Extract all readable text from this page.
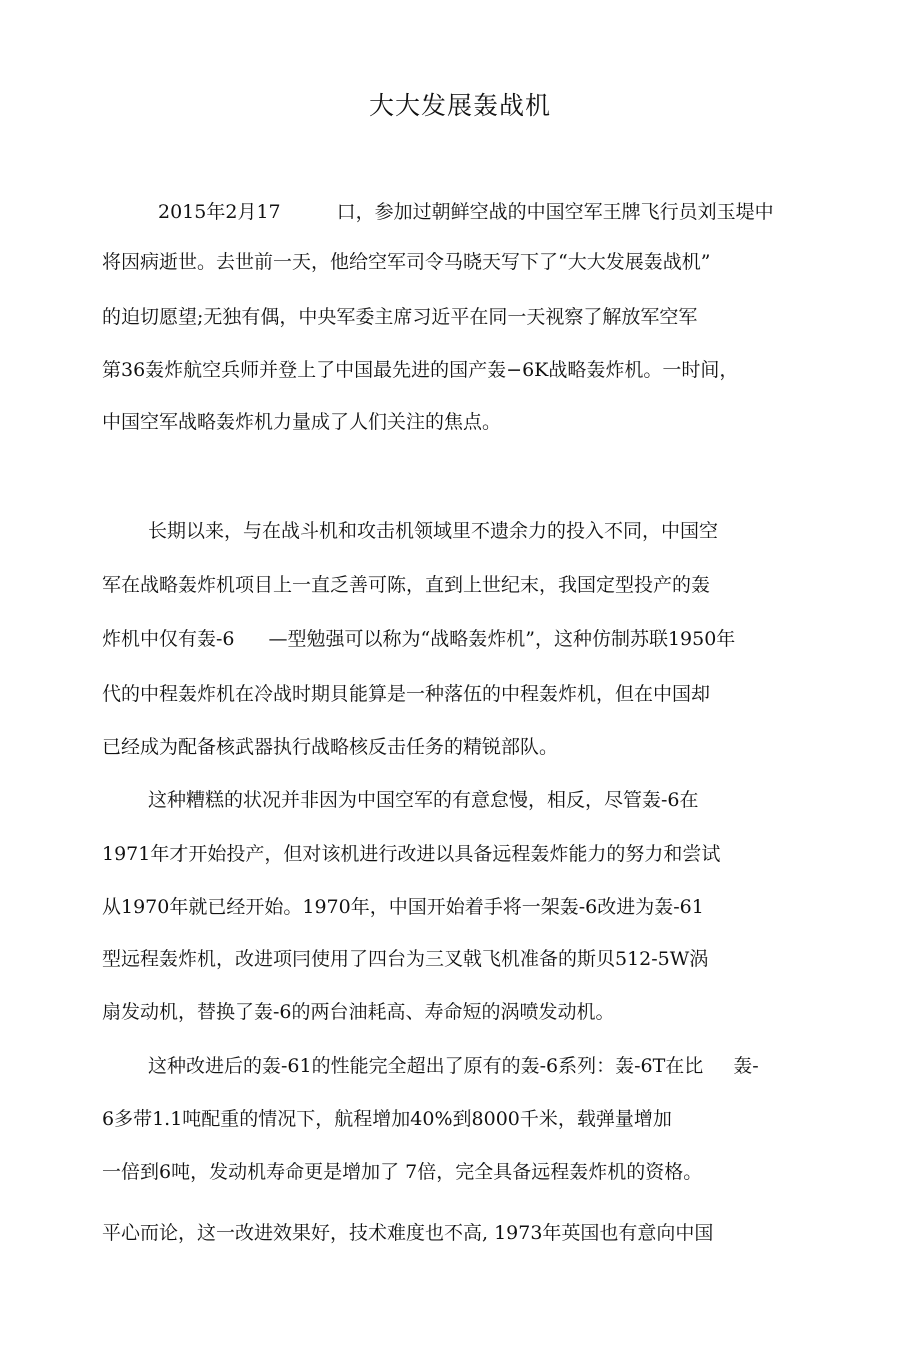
大大发展轰战机

2015年2月17	口，参加过朝鲜空战的中国空军王牌飞行员刘玉堤中

将因病逝世。去世前一天，他给空军司令马晓天写下了“大大发展轰战机”

的迫切愿望;无独有偶，中央军委主席习近平在同一天视察了解放军空军

第36轰炸航空兵师并登上了中国最先进的国产轰−6K战略轰炸机。一时间，

中国空军战略轰炸机力量成了人们关注的焦点。

长期以来，与在战斗机和攻击机领域里不遗余力的投入不同，中国空

军在战略轰炸机项目上一直乏善可陈，直到上世纪末，我国定型投产的轰

炸机中仅有轰-6 —型勉强可以称为“战略轰炸机”，这种仿制苏联1950年

代的中程轰炸机在冷战时期貝能算是一种落伍的中程轰炸机，但在中国却

已经成为配备核武器执行战略核反击任务的精锐部队。

这种糟糕的状况并非因为中国空军的有意怠慢，相反，尽管轰-6在

1971年才开始投产，但对该机进行改进以具备远程轰炸能力的努力和尝试

从1970年就已经开始。1970年，中国开始着手将一架轰-6改进为轰-61

型远程轰炸机，改进项冃使用了四台为三叉戟飞机准备的斯贝512-5W涡

扇发动机，替换了轰-6的两台油耗高、寿命短的涡喷发动机。

这种改进后的轰-61的性能完全超出了原有的轰-6系列：轰-6T在比 轰-

6多带1.1吨配重的情况下，航程增加40%到8000千米，载弹量增加

一倍到6吨，发动机寿命更是增加了 7倍，完全具备远程轰炸机的资格。

平心而论，这一改进效果好，技术难度也不高, 1973年英国也有意向中国
